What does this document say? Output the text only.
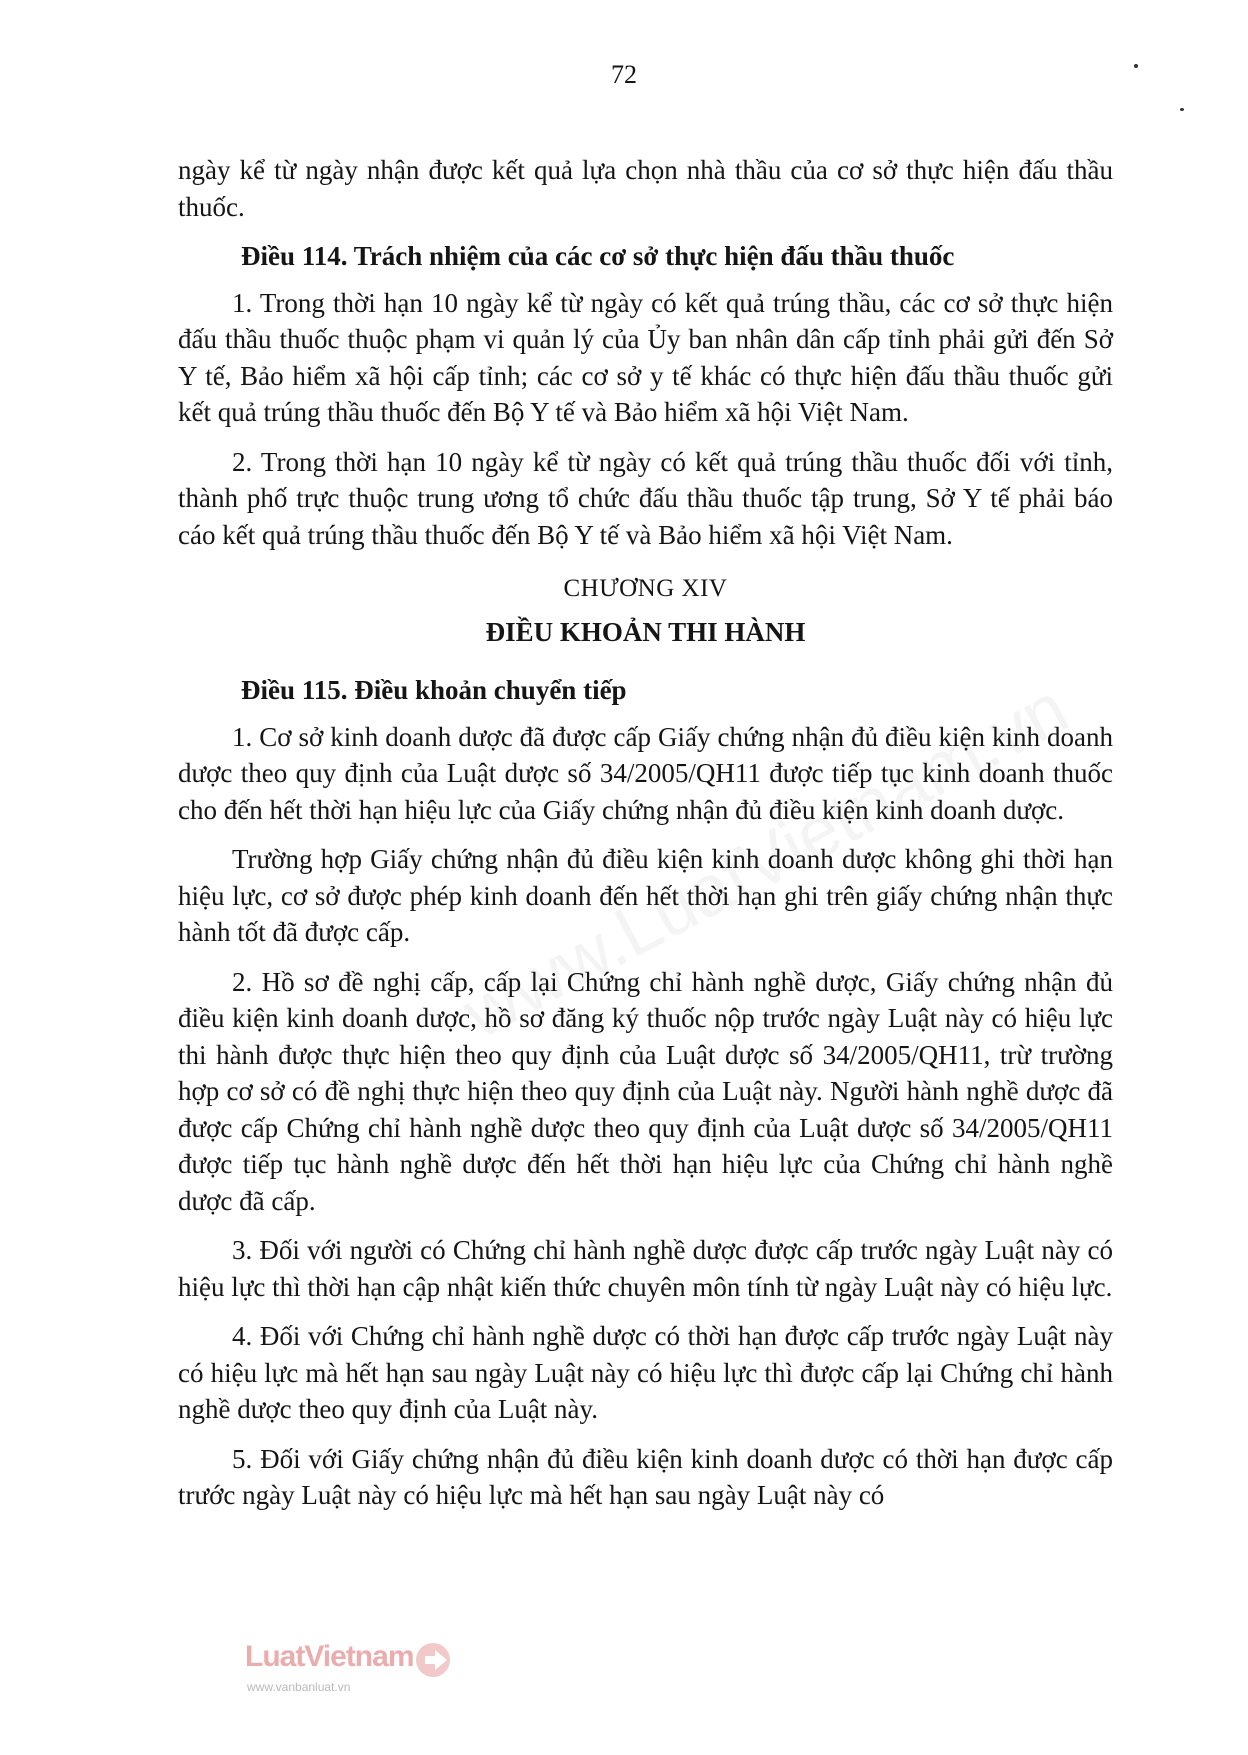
72

ngày kể từ ngày nhận được kết quả lựa chọn nhà thầu của cơ sở thực hiện đấu thầu thuốc.

Điều 114. Trách nhiệm của các cơ sở thực hiện đấu thầu thuốc

1. Trong thời hạn 10 ngày kể từ ngày có kết quả trúng thầu, các cơ sở thực hiện đấu thầu thuốc thuộc phạm vi quản lý của Ủy ban nhân dân cấp tỉnh phải gửi đến Sở Y tế, Bảo hiểm xã hội cấp tỉnh; các cơ sở y tế khác có thực hiện đấu thầu thuốc gửi kết quả trúng thầu thuốc đến Bộ Y tế và Bảo hiểm xã hội Việt Nam.

2. Trong thời hạn 10 ngày kể từ ngày có kết quả trúng thầu thuốc đối với tỉnh, thành phố trực thuộc trung ương tổ chức đấu thầu thuốc tập trung, Sở Y tế phải báo cáo kết quả trúng thầu thuốc đến Bộ Y tế và Bảo hiểm xã hội Việt Nam.

CHƯƠNG XIV
ĐIỀU KHOẢN THI HÀNH
Điều 115. Điều khoản chuyển tiếp

1. Cơ sở kinh doanh dược đã được cấp Giấy chứng nhận đủ điều kiện kinh doanh dược theo quy định của Luật dược số 34/2005/QH11 được tiếp tục kinh doanh thuốc cho đến hết thời hạn hiệu lực của Giấy chứng nhận đủ điều kiện kinh doanh dược.

Trường hợp Giấy chứng nhận đủ điều kiện kinh doanh dược không ghi thời hạn hiệu lực, cơ sở được phép kinh doanh đến hết thời hạn ghi trên giấy chứng nhận thực hành tốt đã được cấp.

2. Hồ sơ đề nghị cấp, cấp lại Chứng chỉ hành nghề dược, Giấy chứng nhận đủ điều kiện kinh doanh dược, hồ sơ đăng ký thuốc nộp trước ngày Luật này có hiệu lực thi hành được thực hiện theo quy định của Luật dược số 34/2005/QH11, trừ trường hợp cơ sở có đề nghị thực hiện theo quy định của Luật này. Người hành nghề dược đã được cấp Chứng chỉ hành nghề dược theo quy định của Luật dược số 34/2005/QH11 được tiếp tục hành nghề dược đến hết thời hạn hiệu lực của Chứng chỉ hành nghề dược đã cấp.

3. Đối với người có Chứng chỉ hành nghề dược được cấp trước ngày Luật này có hiệu lực thì thời hạn cập nhật kiến thức chuyên môn tính từ ngày Luật này có hiệu lực.

4. Đối với Chứng chỉ hành nghề dược có thời hạn được cấp trước ngày Luật này có hiệu lực mà hết hạn sau ngày Luật này có hiệu lực thì được cấp lại Chứng chỉ hành nghề dược theo quy định của Luật này.

5. Đối với Giấy chứng nhận đủ điều kiện kinh doanh dược có thời hạn được cấp trước ngày Luật này có hiệu lực mà hết hạn sau ngày Luật này có

LuatVietnam
www.vanbanluat.vn
